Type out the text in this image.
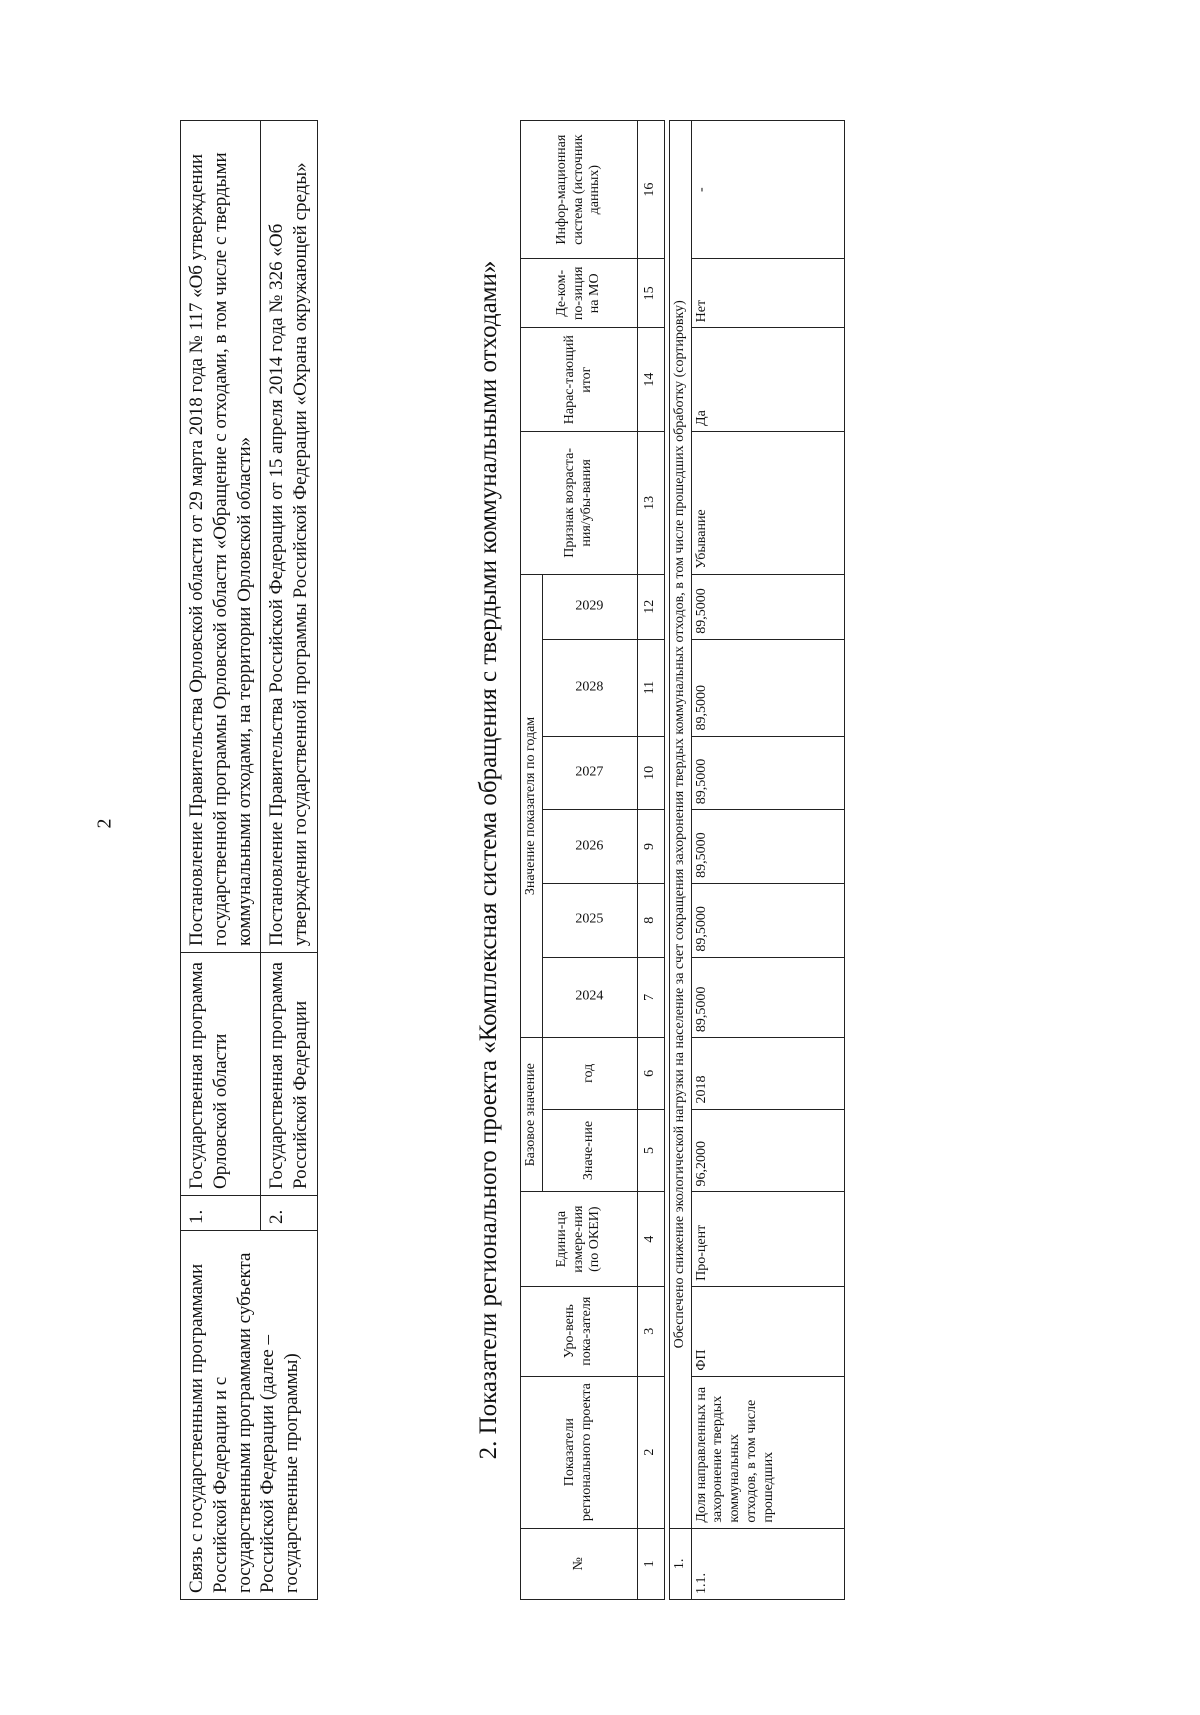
2
Связь с государственными программами Российской Федерации и с государственными программами субъекта Российской Федерации (далее – государственные программы)	1.	Государственная программа Орловской области	Постановление Правительства Орловской области от 29 марта 2018 года № 117 «Об утверждении государственной программы Орловской области «Обращение с отходами, в том числе с твердыми коммунальными отходами, на территории Орловской области»
	2.	Государственная программа Российской Федерации	Постановление Правительства Российской Федерации от 15 апреля 2014 года № 326 «Об утверждении государственной программы Российской Федерации «Охрана окружающей среды»	2. Показатели регионального проекта «Комплексная система обращения с твердыми коммунальными отходами»
№	Показатели регионального проекта	Уро-вень пока-зателя	Едини-ца измере-ния (по ОКЕИ)	Базовое значение		Значение показателя по годам						Признак возраста-ния/убы-вания	Нарас-тающий итог	Де-ком-по-зиция на МО	Инфор-мационная система (источник данных)
				Значе-ние	год	2024	2025	2026	2027	2028	2029				
1	2	3	4	5	6	7	8	9	10	11	12	13	14	15	16

1.	Обеспечено снижение экологической нагрузки на население за счет сокращения захоронения твердых коммунальных отходов, в том числе прошедших обработку (сортировку)														
1.1.	Доля направленных на захоронение твердых коммунальных отходов, в том числе прошедших	ФП	Про-цент	96,2000	2018	89,5000	89,5000	89,5000	89,5000	89,5000	89,5000	Убывание	Да	Нет	-
